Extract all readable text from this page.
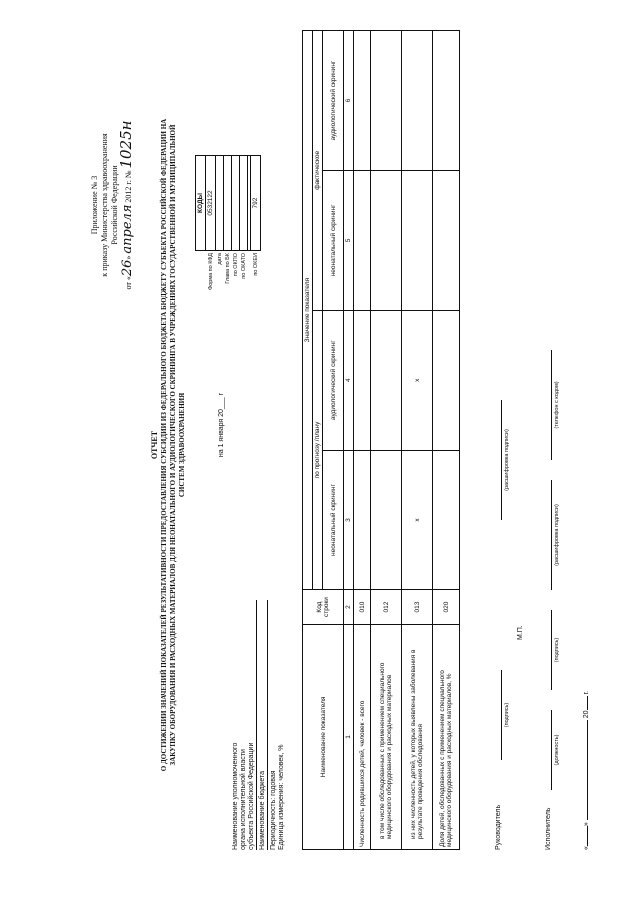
Приложение № 3 к приказу Министерства здравоохранения Российской Федерации
от «26» апреля 2012 г. № 1025н
ОТЧЕТ О ДОСТИЖЕНИИ ЗНАЧЕНИЙ ПОКАЗАТЕЛЕЙ РЕЗУЛЬТАТИВНОСТИ ПРЕДОСТАВЛЕНИЯ СУБСИДИИ ИЗ ФЕДЕРАЛЬНОГО БЮДЖЕТА БЮДЖЕТУ СУБЪЕКТА РОССИЙСКОЙ ФЕДЕРАЦИИ НА ЗАКУПКУ ОБОРУДОВАНИЯ И РАСХОДНЫХ МАТЕРИАЛОВ ДЛЯ НЕОНАТАЛЬНОГО И АУДИОЛОГИЧЕСКОГО СКРИНИНГА В УЧРЕЖДЕНИЯХ ГОСУДАРСТВЕННОЙ И МУНИЦИПАЛЬНОЙ СИСТЕМ ЗДРАВООХРАНЕНИЯ	на 1 января 20___ г
Наименование уполномоченного органа исполнительной власти субъекта Российской Федерации Наименование бюджета Периодичность: годовая Единица измерения: человек, %
	КОДЫ
Форма по КФД	0532122
дата	
Глава по БК	
по ОКПО	
по ОКАТО	

по ОКЕИ	792
Наименование показателя	Код строки	Значение показателя			
		по прогнозу /плану		фактическое	
		неонатальный скрининг	аудиологический скрининг	неонатальный скрининг	аудиологический скрининг
1	2	3	4	5	6
Численность родившихся детей, человек - всего	010				
в том числе обследованных с применением специального медицинского оборудования и расходных материалов	012				
из них численность детей, у которых выявлены заболевания в результате проведения обследования	013	x	x		
Доля детей, обследованных с применением специального медицинского оборудования и расходных материалов, %	020				
Руководитель
(подпись)
(расшифровка подписи)
М.П.
Исполнитель
(должность)
(подпись)
(расшифровка подписи)
(телефон с кодом)
«»  20 г.
